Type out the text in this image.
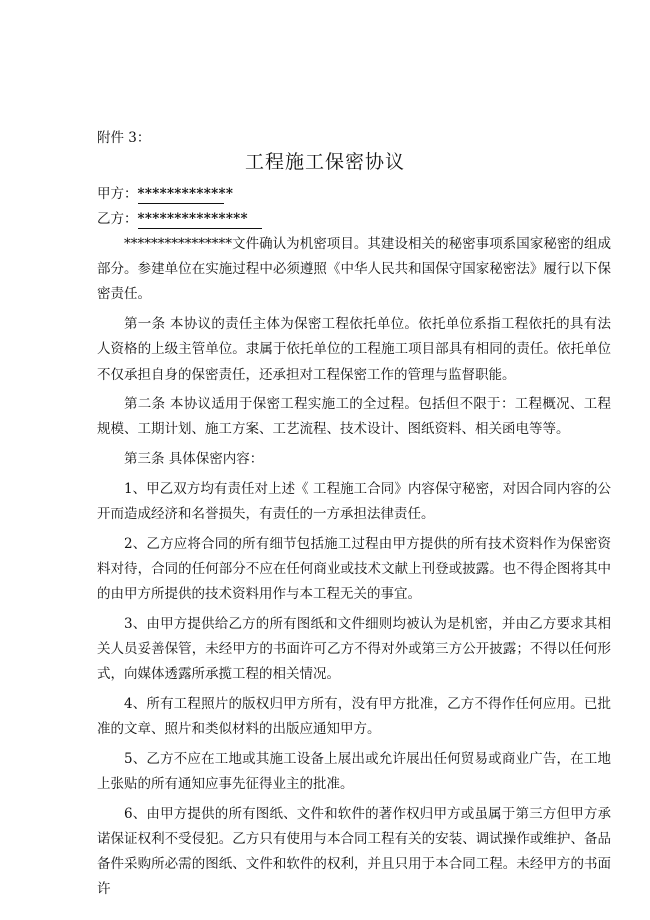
附件 3：
工程施工保密协议
甲方：*************
乙方：***************

****************文件确认为机密项目。其建设相关的秘密事项系国家秘密的组成部分。参建单位在实施过程中必须遵照《中华人民共和国保守国家秘密法》履行以下保密责任。

第一条 本协议的责任主体为保密工程依托单位。依托单位系指工程依托的具有法人资格的上级主管单位。隶属于依托单位的工程施工项目部具有相同的责任。依托单位不仅承担自身的保密责任，还承担对工程保密工作的管理与监督职能。

第二条 本协议适用于保密工程实施工的全过程。包括但不限于：工程概况、工程规模、工期计划、施工方案、工艺流程、技术设计、图纸资料、相关函电等等。

第三条 具体保密内容：

1、甲乙双方均有责任对上述《 工程施工合同》内容保守秘密，对因合同内容的公开而造成经济和名誉损失，有责任的一方承担法律责任。

2、乙方应将合同的所有细节包括施工过程由甲方提供的所有技术资料作为保密资料对待，合同的任何部分不应在任何商业或技术文献上刊登或披露。也不得企图将其中的由甲方所提供的技术资料用作与本工程无关的事宜。

3、由甲方提供给乙方的所有图纸和文件细则均被认为是机密，并由乙方要求其相关人员妥善保管，未经甲方的书面许可乙方不得对外或第三方公开披露；不得以任何形式，向媒体透露所承揽工程的相关情况。

4、所有工程照片的版权归甲方所有，没有甲方批准，乙方不得作任何应用。已批准的文章、照片和类似材料的出版应通知甲方。

5、乙方不应在工地或其施工设备上展出或允许展出任何贸易或商业广告，在工地上张贴的所有通知应事先征得业主的批准。

6、由甲方提供的所有图纸、文件和软件的著作权归甲方或虽属于第三方但甲方承诺保证权利不受侵犯。乙方只有使用与本合同工程有关的安装、调试操作或维护、备品备件采购所必需的图纸、文件和软件的权利，并且只用于本合同工程。未经甲方的书面许
